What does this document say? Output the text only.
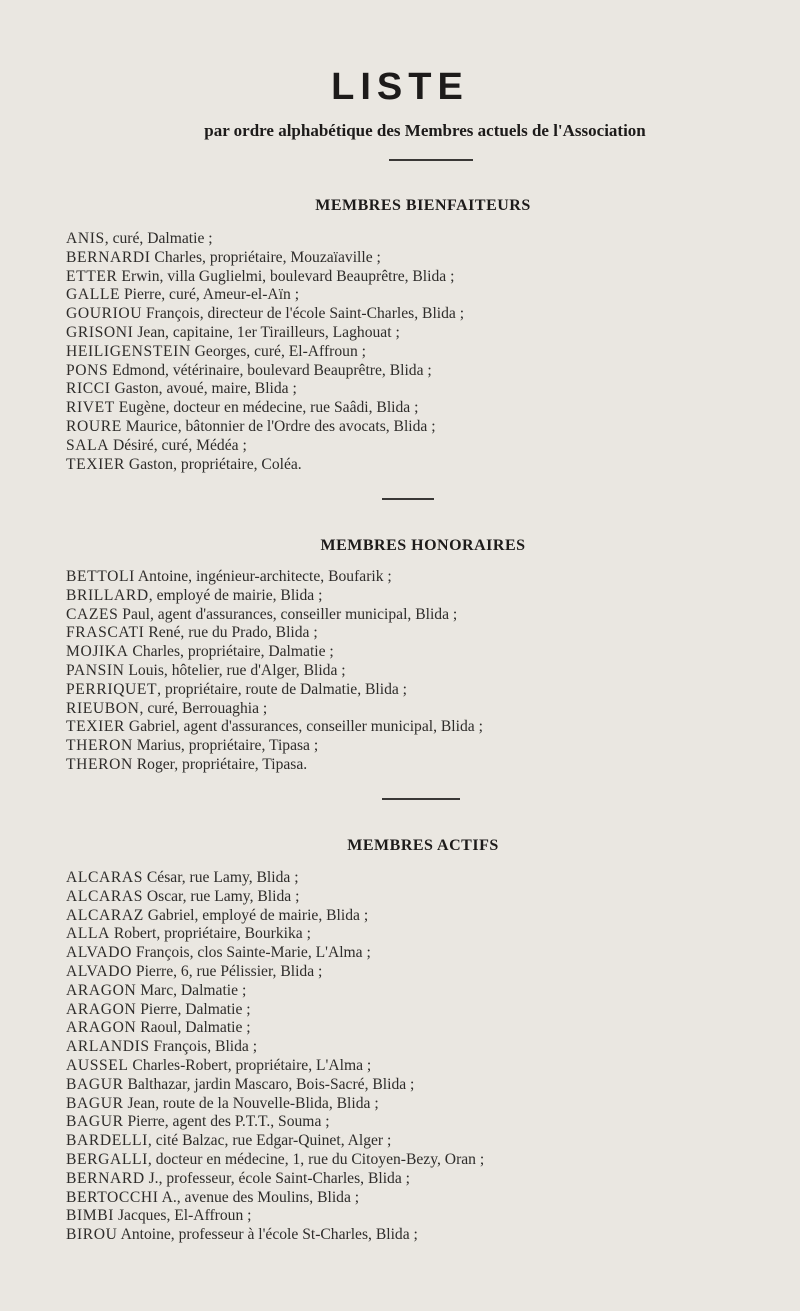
LISTE
par ordre alphabétique des Membres actuels de l'Association
MEMBRES BIENFAITEURS
ANIS, curé, Dalmatie ;
BERNARDI Charles, propriétaire, Mouzaïaville ;
ETTER Erwin, villa Guglielmi, boulevard Beauprêtre, Blida ;
GALLE Pierre, curé, Ameur-el-Aïn ;
GOURIOU François, directeur de l'école Saint-Charles, Blida ;
GRISONI Jean, capitaine, 1er Tirailleurs, Laghouat ;
HEILIGENSTEIN Georges, curé, El-Affroun ;
PONS Edmond, vétérinaire, boulevard Beauprêtre, Blida ;
RICCI Gaston, avoué, maire, Blida ;
RIVET Eugène, docteur en médecine, rue Saâdi, Blida ;
ROURE Maurice, bâtonnier de l'Ordre des avocats, Blida ;
SALA Désiré, curé, Médéa ;
TEXIER Gaston, propriétaire, Coléa.
MEMBRES HONORAIRES
BETTOLI Antoine, ingénieur-architecte, Boufarik ;
BRILLARD, employé de mairie, Blida ;
CAZES Paul, agent d'assurances, conseiller municipal, Blida ;
FRASCATI René, rue du Prado, Blida ;
MOJIKA Charles, propriétaire, Dalmatie ;
PANSIN Louis, hôtelier, rue d'Alger, Blida ;
PERRIQUET, propriétaire, route de Dalmatie, Blida ;
RIEUBON, curé, Berrouaghia ;
TEXIER Gabriel, agent d'assurances, conseiller municipal, Blida ;
THERON Marius, propriétaire, Tipasa ;
THERON Roger, propriétaire, Tipasa.
MEMBRES ACTIFS
ALCARAS César, rue Lamy, Blida ;
ALCARAS Oscar, rue Lamy, Blida ;
ALCARAZ Gabriel, employé de mairie, Blida ;
ALLA Robert, propriétaire, Bourkika ;
ALVADO François, clos Sainte-Marie, L'Alma ;
ALVADO Pierre, 6, rue Pélissier, Blida ;
ARAGON Marc, Dalmatie ;
ARAGON Pierre, Dalmatie ;
ARAGON Raoul, Dalmatie ;
ARLANDIS François, Blida ;
AUSSEL Charles-Robert, propriétaire, L'Alma ;
BAGUR Balthazar, jardin Mascaro, Bois-Sacré, Blida ;
BAGUR Jean, route de la Nouvelle-Blida, Blida ;
BAGUR Pierre, agent des P.T.T., Souma ;
BARDELLI, cité Balzac, rue Edgar-Quinet, Alger ;
BERGALLI, docteur en médecine, 1, rue du Citoyen-Bezy, Oran ;
BERNARD J., professeur, école Saint-Charles, Blida ;
BERTOCCHI A., avenue des Moulins, Blida ;
BIMBI Jacques, El-Affroun ;
BIROU Antoine, professeur à l'école St-Charles, Blida ;
